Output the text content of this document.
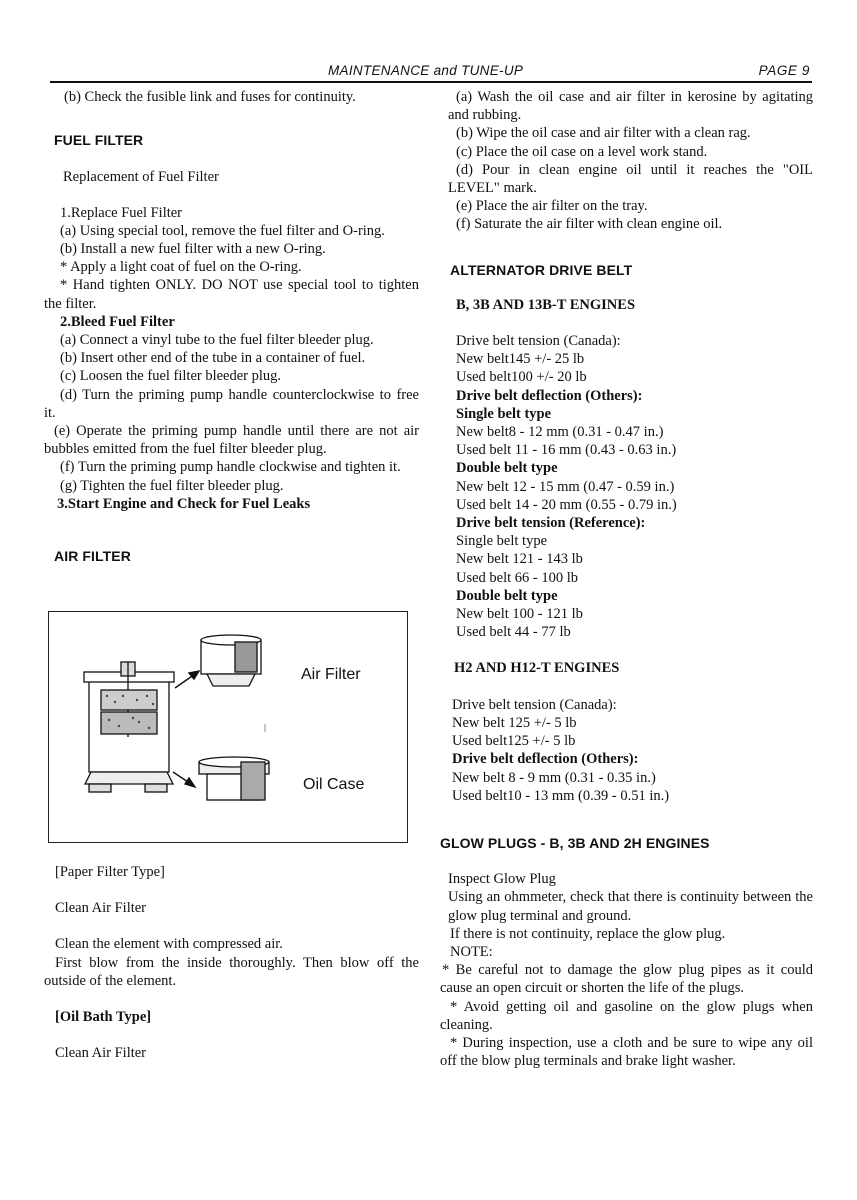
MAINTENANCE and TUNE-UP	PAGE 9

(b) Check the fusible link and fuses for continuity.

FUEL FILTER

Replacement of Fuel Filter

1.Replace Fuel Filter

(a) Using special tool, remove the fuel filter and O-ring.

(b) Install a new fuel filter with a new O-ring.

* Apply a light coat of fuel on the O-ring.

* Hand tighten ONLY. DO NOT use special tool to tighten the filter.

2.Bleed Fuel Filter

(a) Connect a vinyl tube to the fuel filter bleeder plug.

(b) Insert other end of the tube in a container of fuel.

(c) Loosen the fuel filter bleeder plug.

(d) Turn the priming pump handle counterclockwise to free it.

(e) Operate the priming pump handle until there are not air bubbles emitted from the fuel filter bleeder plug.

(f) Turn the priming pump handle clockwise and tighten it.

(g) Tighten the fuel filter bleeder plug.

3.Start Engine and Check for Fuel Leaks

AIR FILTER
Air Filter
Oil Case

[Paper Filter Type]

Clean Air Filter

Clean the element with compressed air.

First blow from the inside thoroughly. Then blow off the outside of the element.

[Oil Bath Type]

Clean Air Filter

(a) Wash the oil case and air filter in kerosine by agitating and rubbing.

(b) Wipe the oil case and air filter with a clean rag.

(c) Place the oil case on a level work stand.

(d) Pour in clean engine oil until it reaches the "OIL LEVEL" mark.

(e) Place the air filter on the tray.

(f) Saturate the air filter with clean engine oil.

ALTERNATOR DRIVE BELT

B, 3B AND 13B-T ENGINES

Drive belt tension (Canada):

New belt145 +/- 25 lb

Used belt100 +/- 20 lb

Drive belt deflection (Others):

Single belt type

New belt8 - 12 mm (0.31 - 0.47 in.)

Used belt 11 - 16 mm (0.43 - 0.63 in.)

Double belt type

New belt 12 - 15 mm (0.47 - 0.59 in.)

Used belt 14 - 20 mm (0.55 - 0.79 in.)

Drive belt tension (Reference):

Single belt type

New belt 121 - 143 lb

Used belt 66 - 100 lb

Double belt type

New belt 100 - 121 lb

Used belt 44 - 77 lb

H2 AND H12-T ENGINES

Drive belt tension (Canada):

New belt 125 +/- 5 lb

Used belt125 +/- 5 lb

Drive belt deflection (Others):

New belt 8 - 9 mm (0.31 - 0.35 in.)

Used belt10 - 13 mm (0.39 - 0.51 in.)

GLOW PLUGS - B, 3B AND 2H ENGINES

Inspect Glow Plug

Using an ohmmeter, check that there is continuity between the glow plug terminal and ground.

If there is not continuity, replace the glow plug.

NOTE:

* Be careful not to damage the glow plug pipes as it could cause an open circuit or shorten the life of the plugs.

* Avoid getting oil and gasoline on the glow plugs when cleaning.

* During inspection, use a cloth and be sure to wipe any oil off the blow plug terminals and brake light washer.
